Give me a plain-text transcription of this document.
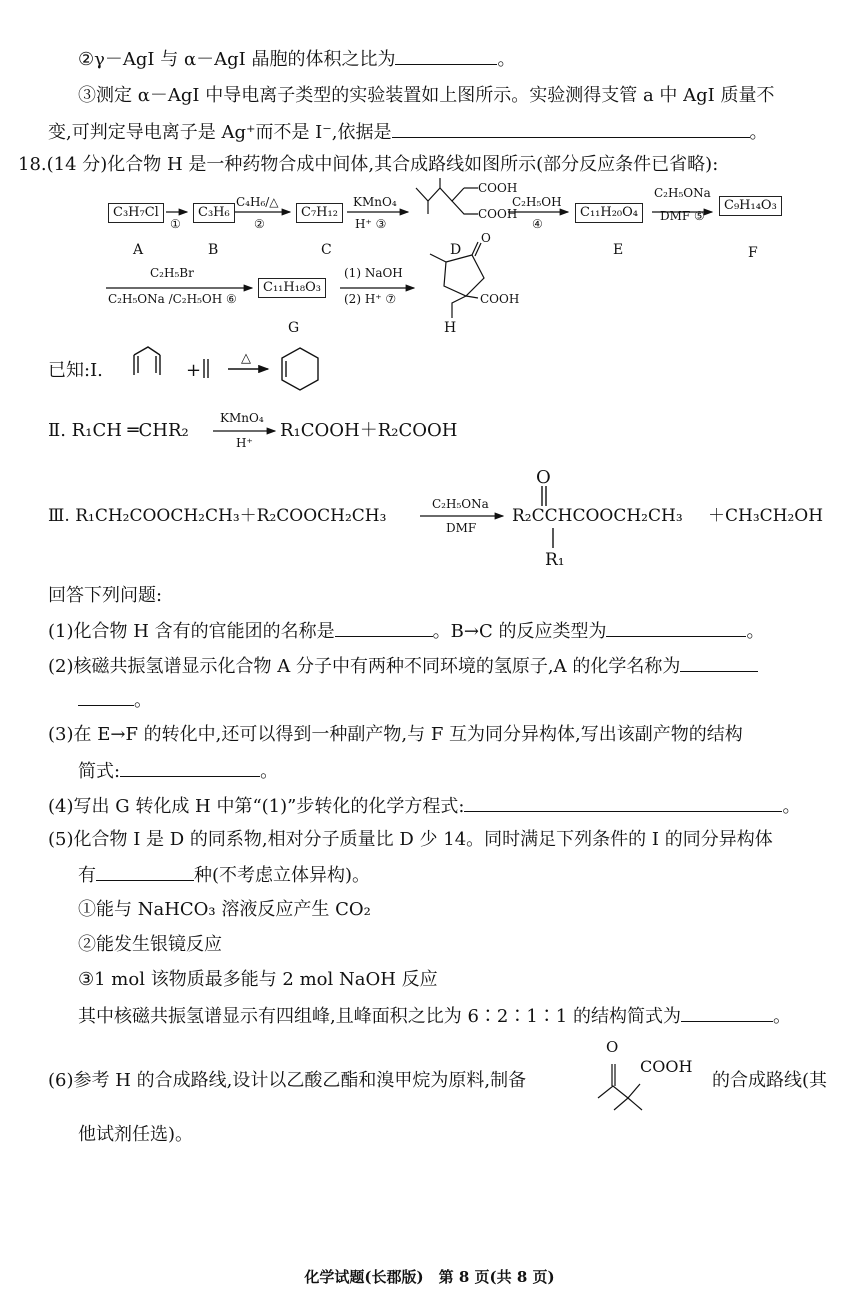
②γ－AgI 与 α－AgI 晶胞的体积之比为	。
③测定 α－AgI 中导电离子类型的实验装置如上图所示。实验测得支管 a 中 AgI 质量不
变,可判定导电离子是 Ag⁺而不是 I⁻,依据是	。
18.(14 分)化合物 H 是一种药物合成中间体,其合成路线如图所示(部分反应条件已省略):
C₃H₇Cl	C₃H₆	C₇H₁₂	C₁₁H₂₀O₄	C₉H₁₄O₃
C₁₁H₁₈O₃
①
C₄H₆/△
②
KMnO₄
H⁺ ③
COOH
COOH
C₂H₅OH
④
C₂H₅ONa
DMF ⑤
A	B	C	D	E	F
C₂H₅Br
C₂H₅ONa /C₂H₅OH ⑥
(1) NaOH
(2) H⁺ ⑦
O
COOH
G	H
已知:Ⅰ.	+
△
Ⅱ. R₁CH ═CHR₂
KMnO₄
H⁺
R₁COOH＋R₂COOH
Ⅲ. R₁CH₂COOCH₂CH₃＋R₂COOCH₂CH₃
C₂H₅ONa
DMF
O
R₂CCHCOOCH₂CH₃
R₁
＋CH₃CH₂OH
回答下列问题:
(1)化合物 H 含有的官能团的名称是	。B→C 的反应类型为	。
(2)核磁共振氢谱显示化合物 A 分子中有两种不同环境的氢原子,A 的化学名称为
。
(3)在 E→F 的转化中,还可以得到一种副产物,与 F 互为同分异构体,写出该副产物的结构
简式:	。
(4)写出 G 转化成 H 中第“(1)”步转化的化学方程式:	。
(5)化合物 I 是 D 的同系物,相对分子质量比 D 少 14。同时满足下列条件的 I 的同分异构体
有	种(不考虑立体异构)。
①能与 NaHCO₃ 溶液反应产生 CO₂
②能发生银镜反应
③1 mol 该物质最多能与 2 mol NaOH 反应
其中核磁共振氢谱显示有四组峰,且峰面积之比为 6∶2∶1∶1 的结构简式为	。
(6)参考 H 的合成路线,设计以乙酸乙酯和溴甲烷为原料,制备
O
COOH
的合成路线(其
他试剂任选)。
化学试题(长郡版)　第 8 页(共 8 页)
